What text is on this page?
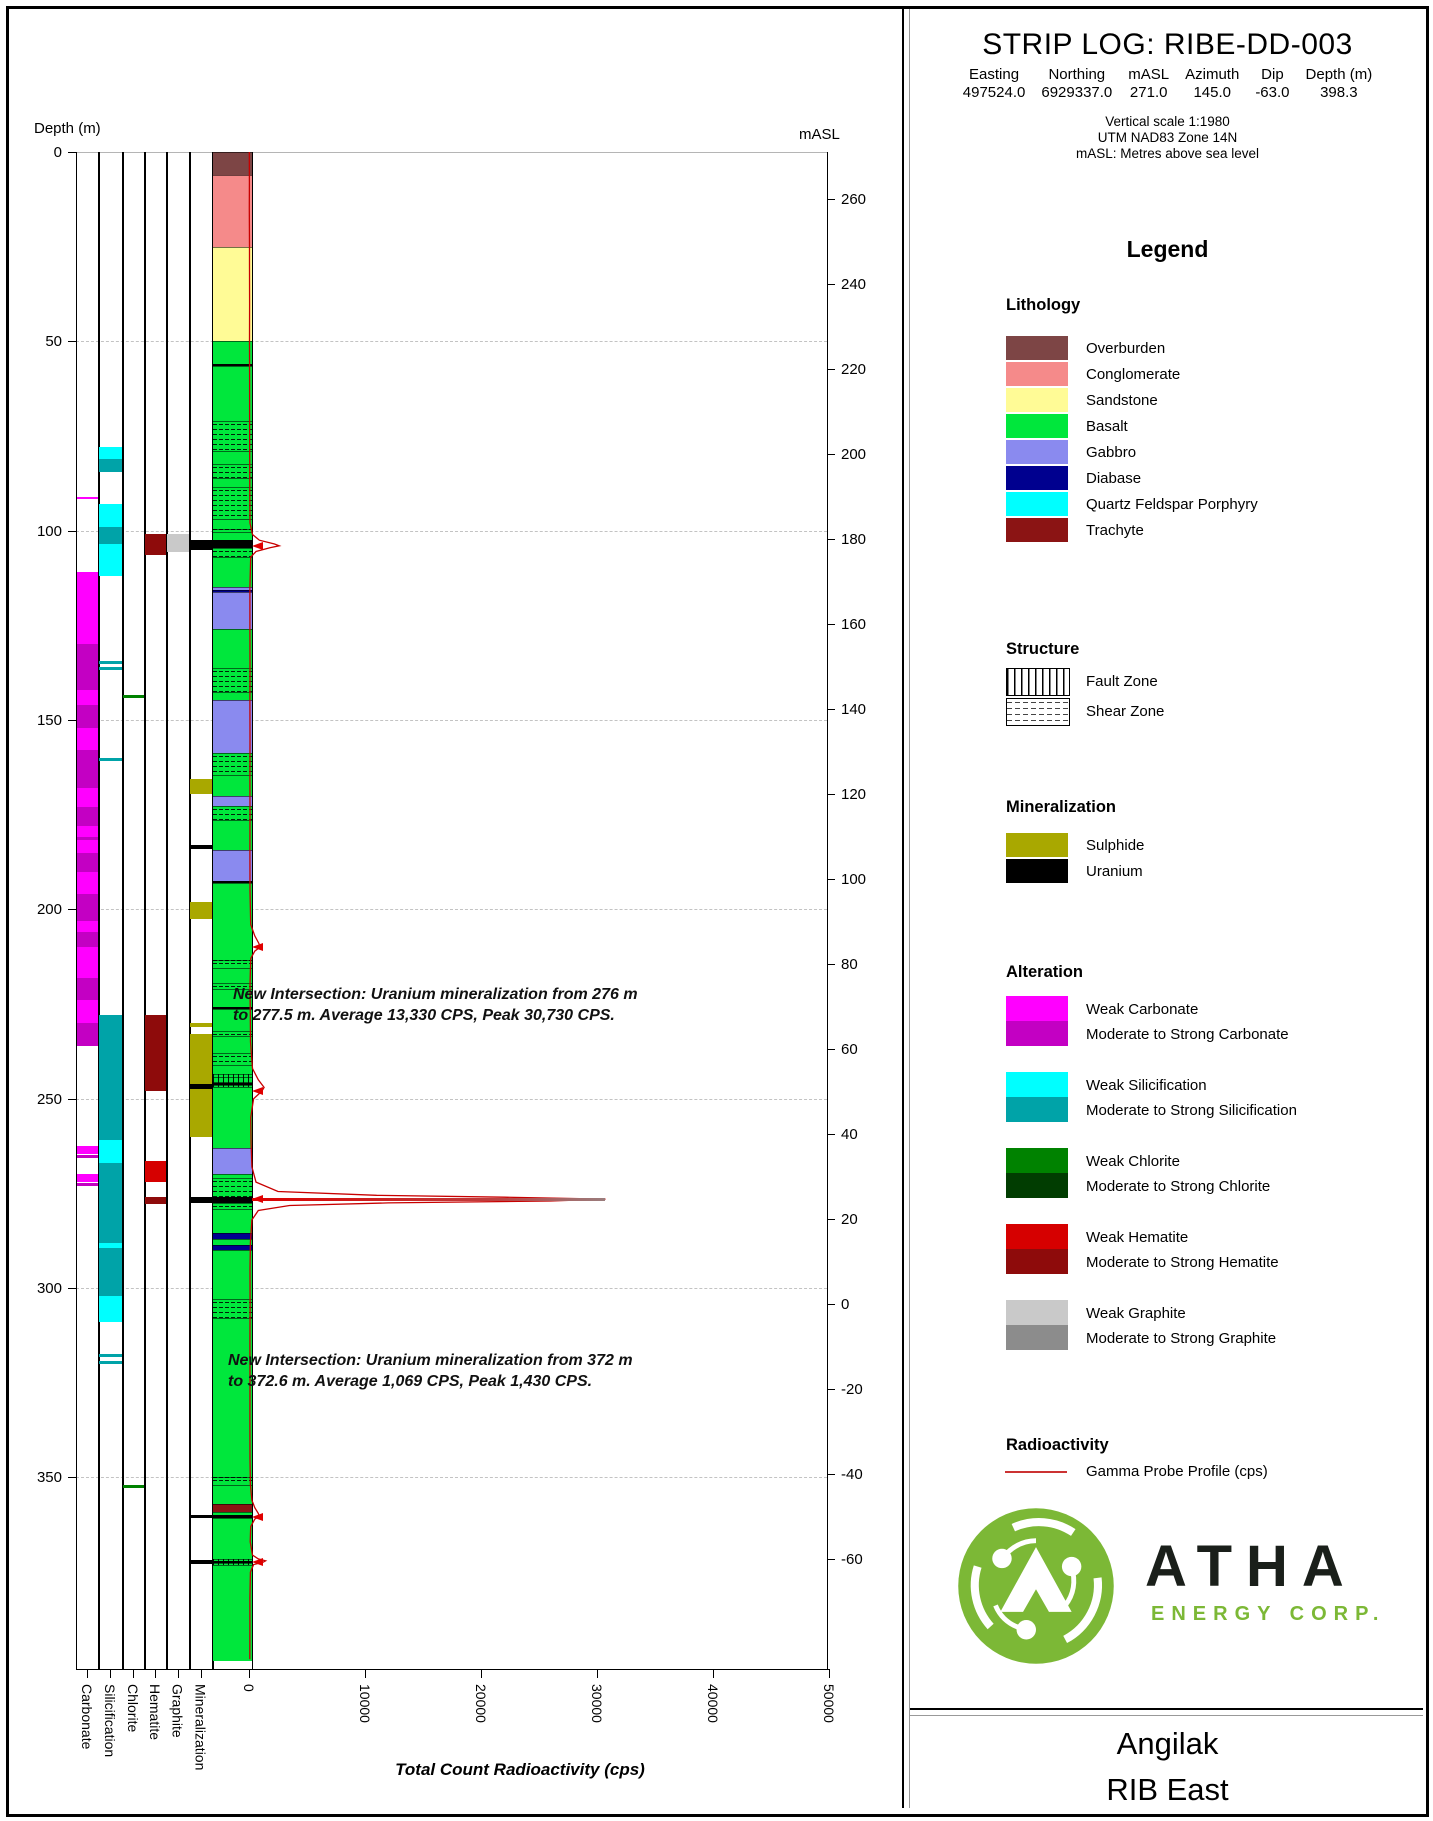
Depth (m)	mASL
0
50
100
150
200
250
300
350
260
240
220
200
180
160
140
120
100
80
60
40
20
0
-20
-40
-60
0	10000	20000	30000	40000	50000
Carbonate Silicification Chlorite Hematite Graphite Mineralization
New Intersection: Uranium mineralization from 276 m
to 277.5 m. Average 13,330 CPS, Peak 30,730 CPS.
New Intersection: Uranium mineralization from 372 m
to 372.6 m. Average 1,069 CPS, Peak 1,430 CPS.
Total Count Radioactivity (cps)
STRIP LOG: RIBE-DD-003
Easting
497524.0
Northing
6929337.0
mASL
271.0
Azimuth
145.0
Dip
-63.0
Depth (m)
398.3
Vertical scale 1:1980
UTM NAD83 Zone 14N
mASL: Metres above sea level
Legend
Lithology
Overburden
Conglomerate
Sandstone
Basalt
Gabbro
Diabase
Quartz Feldspar Porphyry
Trachyte
Structure
Fault Zone
Shear Zone
Mineralization
Sulphide
Uranium
Alteration
Weak Carbonate
Moderate to Strong Carbonate
Weak Silicification
Moderate to Strong Silicification
Weak Chlorite
Moderate to Strong Chlorite
Weak Hematite
Moderate to Strong Hematite
Weak Graphite
Moderate to Strong Graphite
Radioactivity
Gamma Probe Profile (cps)
ATHA
ENERGY CORP.
Angilak
RIB East
